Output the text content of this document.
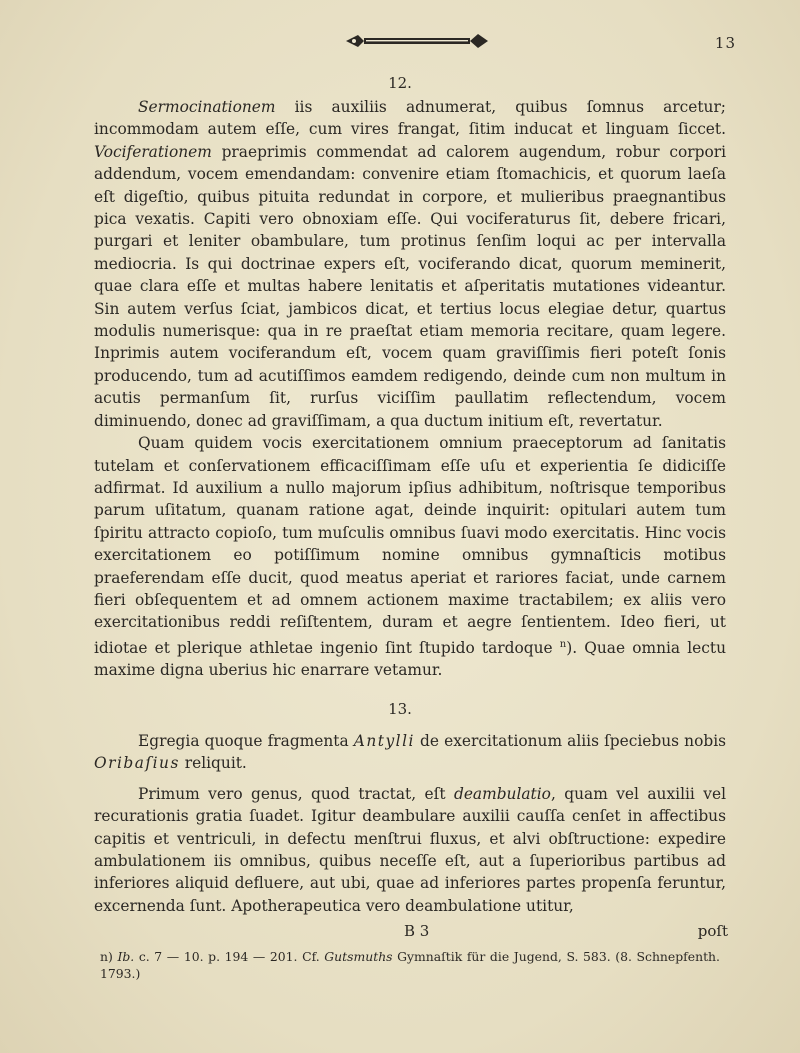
13
12.

Sermocinationem iis auxiliis adnumerat, quibus ſomnus arcetur; incommodam autem eſſe, cum vires frangat, ſitim inducat et linguam ſiccet. Vociferationem praeprimis commendat ad calorem augendum, robur corpori addendum, vocem emendandam: convenire etiam ſtomachicis, et quorum laeſa eſt digeſtio, quibus pituita redundat in corpore, et mulieribus praegnantibus pica vexatis. Capiti vero obnoxiam eſſe. Qui vociferaturus ſit, debere fricari, purgari et leniter obambulare, tum protinus ſenſim loqui ac per intervalla mediocria. Is qui doctrinae expers eſt, vociferando dicat, quorum meminerit, quae clara eſſe et multas habere lenitatis et aſperitatis mutationes videantur. Sin autem verſus ſciat, jambicos dicat, et tertius locus elegiae detur, quartus modulis numerisque: qua in re praeſtat etiam memoria recitare, quam legere. Inprimis autem vociferandum eſt, vocem quam graviſſimis fieri poteſt ſonis producendo, tum ad acutiſſimos eamdem redigendo, deinde cum non multum in acutis permanſum ſit, rurſus viciſſim paullatim reflectendum, vocem diminuendo, donec ad graviſſimam, a qua ductum initium eſt, revertatur.

Quam quidem vocis exercitationem omnium praeceptorum ad ſanitatis tutelam et conſervationem efficaciſſimam eſſe uſu et experientia ſe didiciſſe adfirmat. Id auxilium a nullo majorum ipſius adhibitum, noſtrisque temporibus parum uſitatum, quanam ratione agat, deinde inquirit: opitulari autem tum ſpiritu attracto copioſo, tum muſculis omnibus ſuavi modo exercitatis. Hinc vocis exercitationem eo potiſſimum nomine omnibus gymnaſticis motibus praeferendam eſſe ducit, quod meatus aperiat et rariores faciat, unde carnem fieri obſequentem et ad omnem actionem maxime tractabilem; ex aliis vero exercitationibus reddi reſiſtentem, duram et aegre ſentientem. Ideo fieri, ut idiotae et plerique athletae ingenio ſint ſtupido tardoque $^n$). Quae omnia lectu maxime digna uberius hic enarrare vetamur.

13.

Egregia quoque fragmenta Antylli de exercitationum aliis ſpeciebus nobis Oribaſius reliquit.

Primum vero genus, quod tractat, eſt deambulatio, quam vel auxilii vel recurationis gratia ſuadet. Igitur deambulare auxilii cauſſa cenſet in affectibus capitis et ventriculi, in defectu menſtrui fluxus, et alvi obſtructione: expedire ambulationem iis omnibus, quibus neceſſe eſt, aut a ſuperioribus partibus ad inferiores aliquid defluere, aut ubi, quae ad inferiores partes propenſa feruntur, excernenda ſunt. Apotherapeutica vero deambulatione utitur,

B 3	poſt
n) Ib. c. 7 — 10. p. 194 — 201. Cf. Gutsmuths Gymnaſtik für die Jugend, S. 583. (8. Schnepfenth. 1793.)
